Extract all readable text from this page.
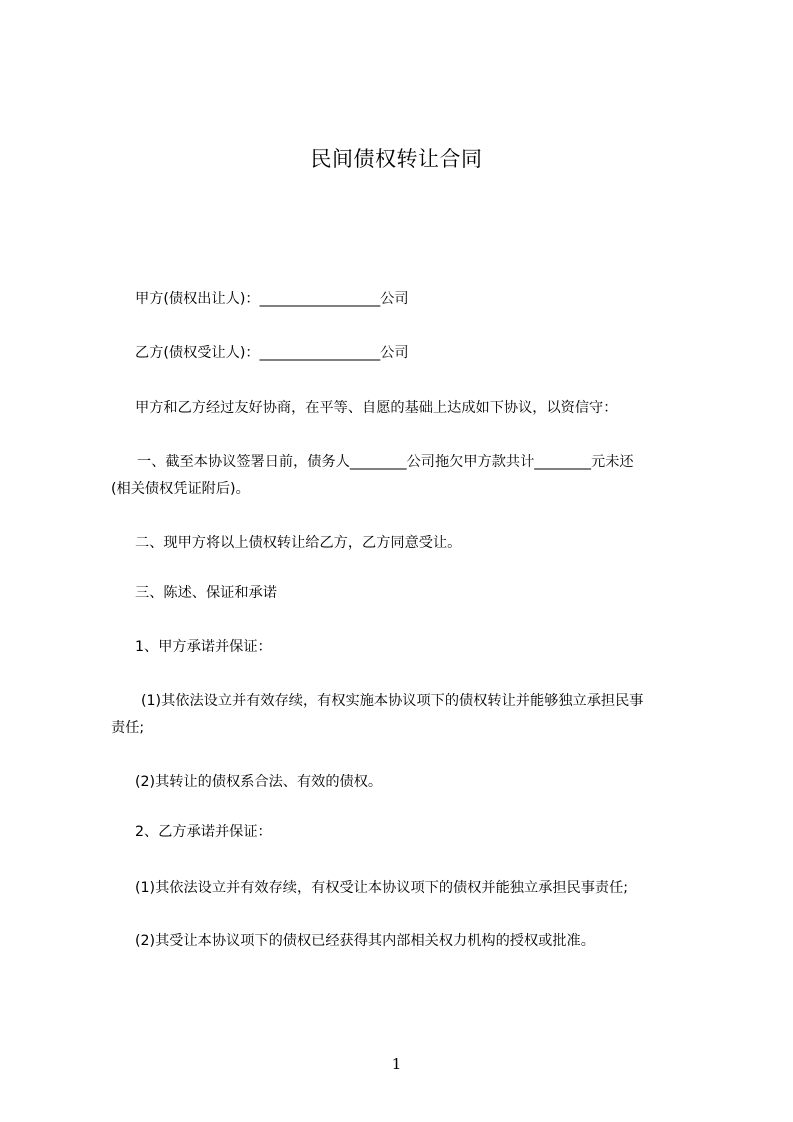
民间债权转让合同
甲方(债权出让人)：_________________公司
乙方(债权受让人)：_________________公司
甲方和乙方经过友好协商，在平等、自愿的基础上达成如下协议，以资信守：
一、截至本协议签署日前，债务人________公司拖欠甲方款共计________元未还
(相关债权凭证附后)。
二、现甲方将以上债权转让给乙方，乙方同意受让。
三、陈述、保证和承诺
1、甲方承诺并保证：
(1)其依法设立并有效存续，有权实施本协议项下的债权转让并能够独立承担民事
责任;
(2)其转让的债权系合法、有效的债权。
2、乙方承诺并保证：
(1)其依法设立并有效存续，有权受让本协议项下的债权并能独立承担民事责任;
(2)其受让本协议项下的债权已经获得其内部相关权力机构的授权或批准。
1
